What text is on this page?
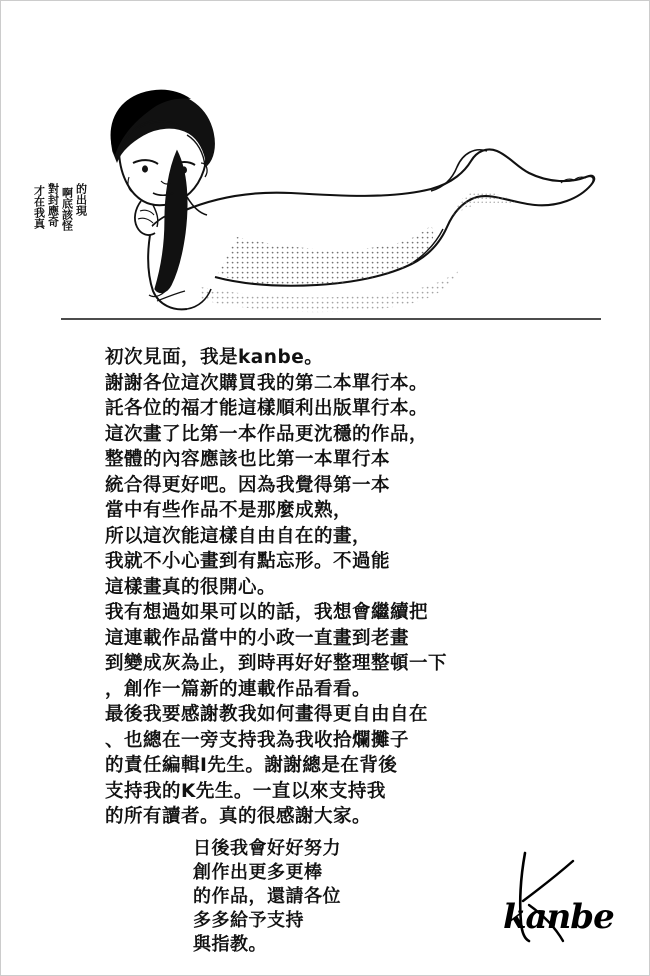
的出現
啊底該怪
對封應奇
才在我真
初次見面，我是kanbe。
謝謝各位這次購買我的第二本單行本。
託各位的福才能這樣順利出版單行本。
這次畫了比第一本作品更沈穩的作品，
整體的內容應該也比第一本單行本
統合得更好吧。因為我覺得第一本
當中有些作品不是那麼成熟，
所以這次能這樣自由自在的畫，
我就不小心畫到有點忘形。不過能
這樣畫真的很開心。
我有想過如果可以的話，我想會繼續把
這連載作品當中的小政一直畫到老畫
到變成灰為止，到時再好好整理整頓一下
，創作一篇新的連載作品看看。
最後我要感謝教我如何畫得更自由自在
、也總在一旁支持我為我收拾爛攤子
的責任編輯I先生。謝謝總是在背後
支持我的K先生。一直以來支持我
的所有讀者。真的很感謝大家。
日後我會好好努力
創作出更多更棒
的作品，還請各位
多多給予支持
與指教。
kanbe
